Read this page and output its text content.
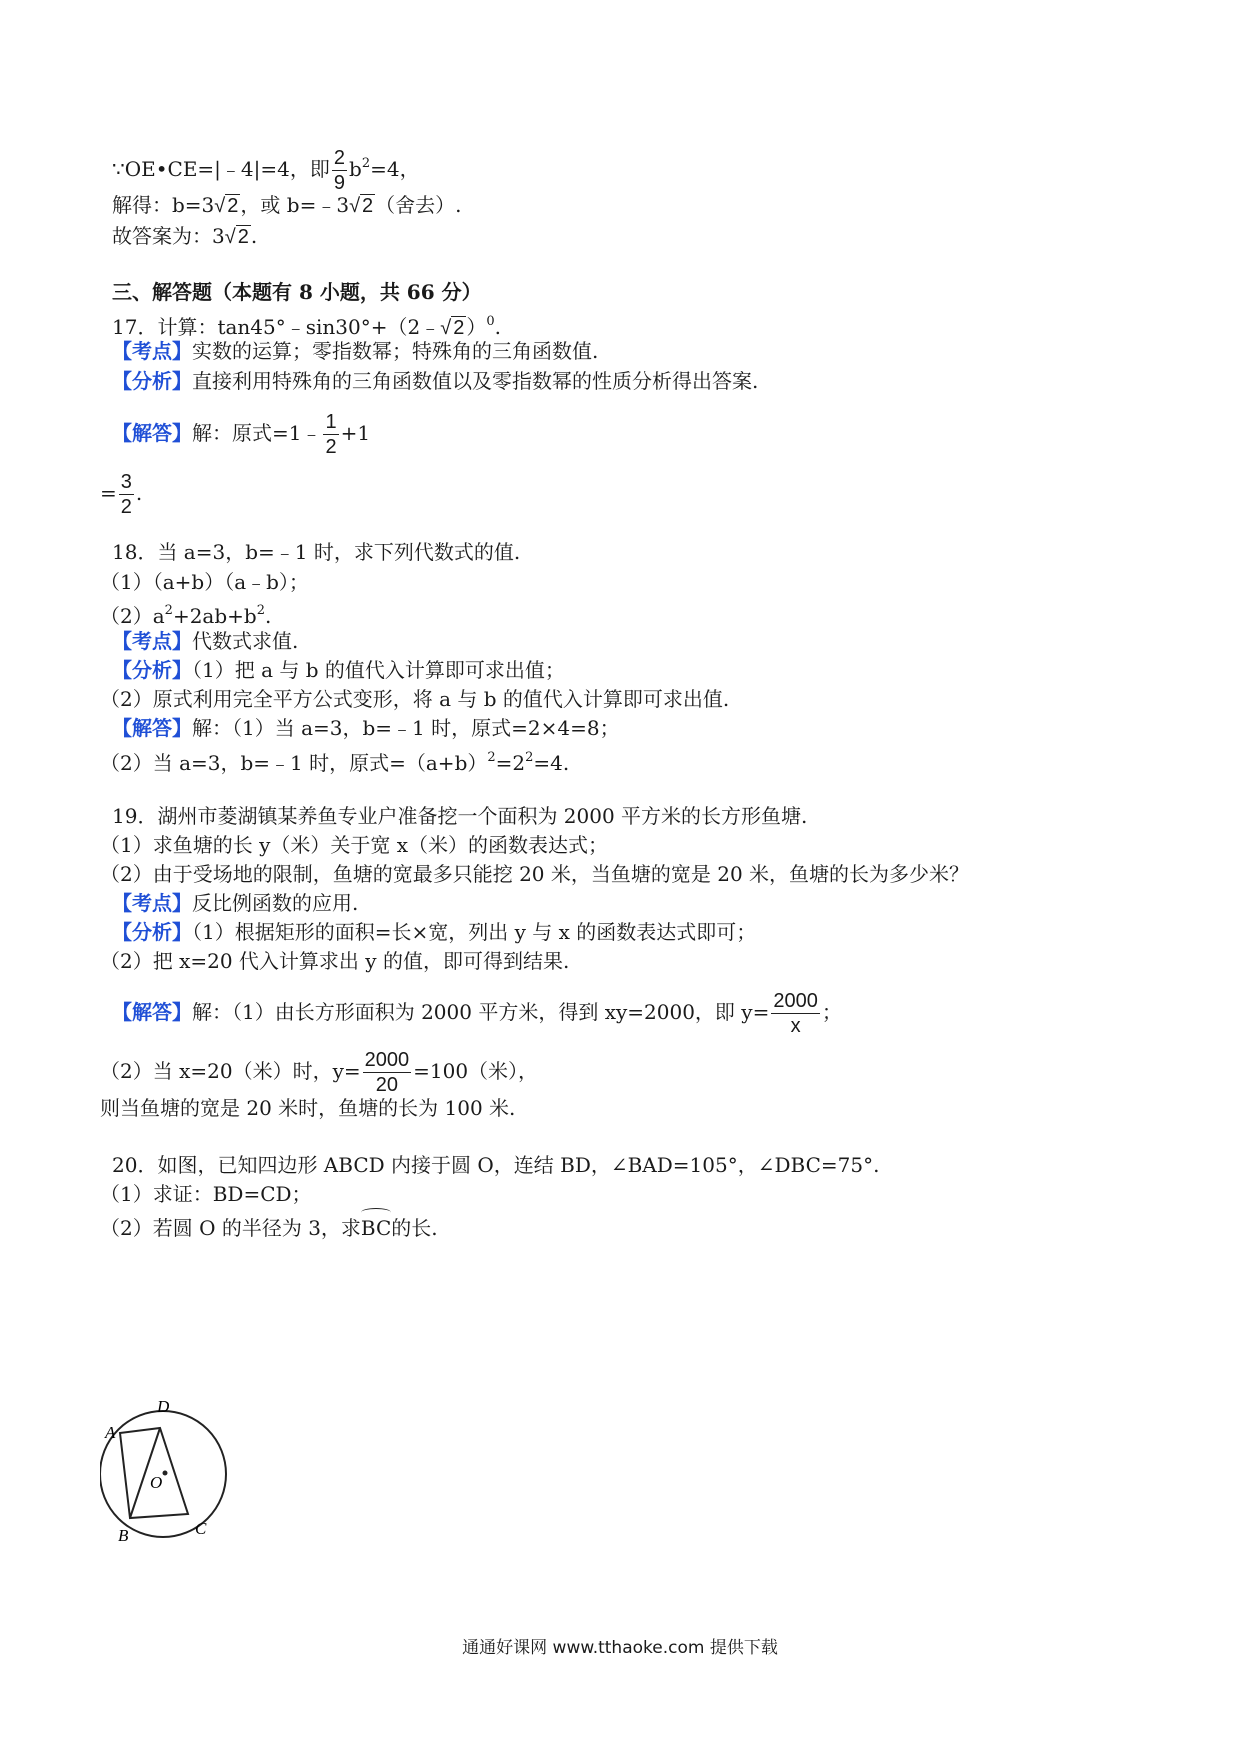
∵OE•CE=|﹣4|=4，即 $\frac{2}{9} b^2=4$，
解得：b=3√ 2 ，或 b=﹣3√ 2 （舍去）.
故答案为：3√ 2 .
三、解答题（本题有 8 小题，共 66 分）
17．计算：tan45°﹣sin30°+（2﹣√ 2 ）$^0$.
【考点】实数的运算；零指数幂；特殊角的三角函数值.
【分析】直接利用特殊角的三角函数值以及零指数幂的性质分析得出答案.
【解答】解：原式=1﹣ $\frac{1}{2} +1$
= $\frac{3}{2}$ .
18．当 a=3，b=﹣1 时，求下列代数式的值.
（1）（a+b）（a﹣b）；
$(2)a^2+2ab+b^2$.
【考点】代数式求值.
【分析】（1）把 a 与 b 的值代入计算即可求出值；
（2）原式利用完全平方公式变形，将 a 与 b 的值代入计算即可求出值.
【解答】解：（1）当 a=3，b=﹣1 时，原式=2×4=8；
（2）当 a=3，b=﹣1 时，原式$=(a+b)^2=2^2=4$.
19．湖州市菱湖镇某养鱼专业户准备挖一个面积为 2000 平方米的长方形鱼塘.
（1）求鱼塘的长 y（米）关于宽 x（米）的函数表达式；
（2）由于受场地的限制，鱼塘的宽最多只能挖 20 米，当鱼塘的宽是 20 米，鱼塘的长为多少米？
【考点】反比例函数的应用.
【分析】（1）根据矩形的面积=长×宽，列出 y 与 x 的函数表达式即可；
（2）把 x=20 代入计算求出 y 的值，即可得到结果.
【解答】解：（1）由长方形面积为 2000 平方米，得到 xy=2000，即 $y= \frac{2000}{x}$ ；
（2）当 x=20（米）时，$y= \frac{2000}{20} =100$（米），
则当鱼塘的宽是 20 米时，鱼塘的长为 100 米.
20．如图，已知四边形 ABCD 内接于圆 O，连结 BD，∠BAD=105°，∠DBC=75°.
（1）求证：BD=CD；
（2）若圆 O 的半径为 3，求
BC的长.
A
D
O
B	C
通通好课网 www.tthaoke.com 提供下载
